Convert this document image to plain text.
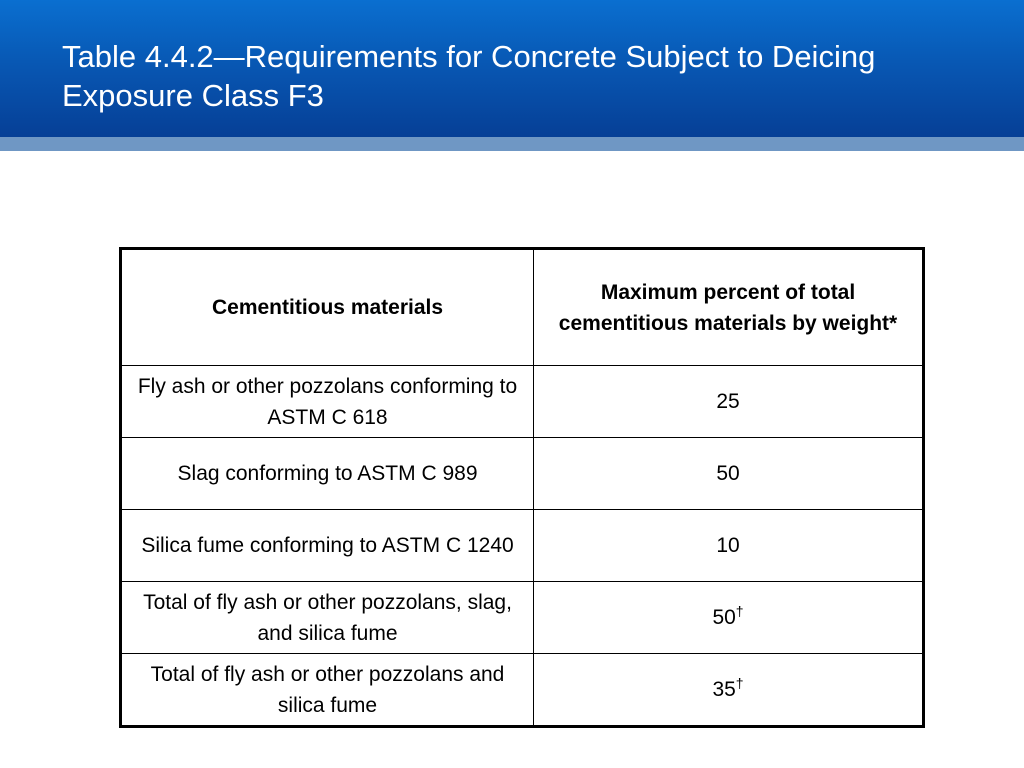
Table 4.4.2—Requirements for Concrete Subject to Deicing Exposure Class F3
Cementitious materials	Maximum percent of total cementitious materials by weight*
Fly ash or other pozzolans conforming to ASTM C 618	25
Slag conforming to ASTM C 989	50
Silica fume conforming to ASTM C 1240	10
Total of fly ash or other pozzolans, slag, and silica fume	50†
Total of fly ash or other pozzolans and silica fume	35†
